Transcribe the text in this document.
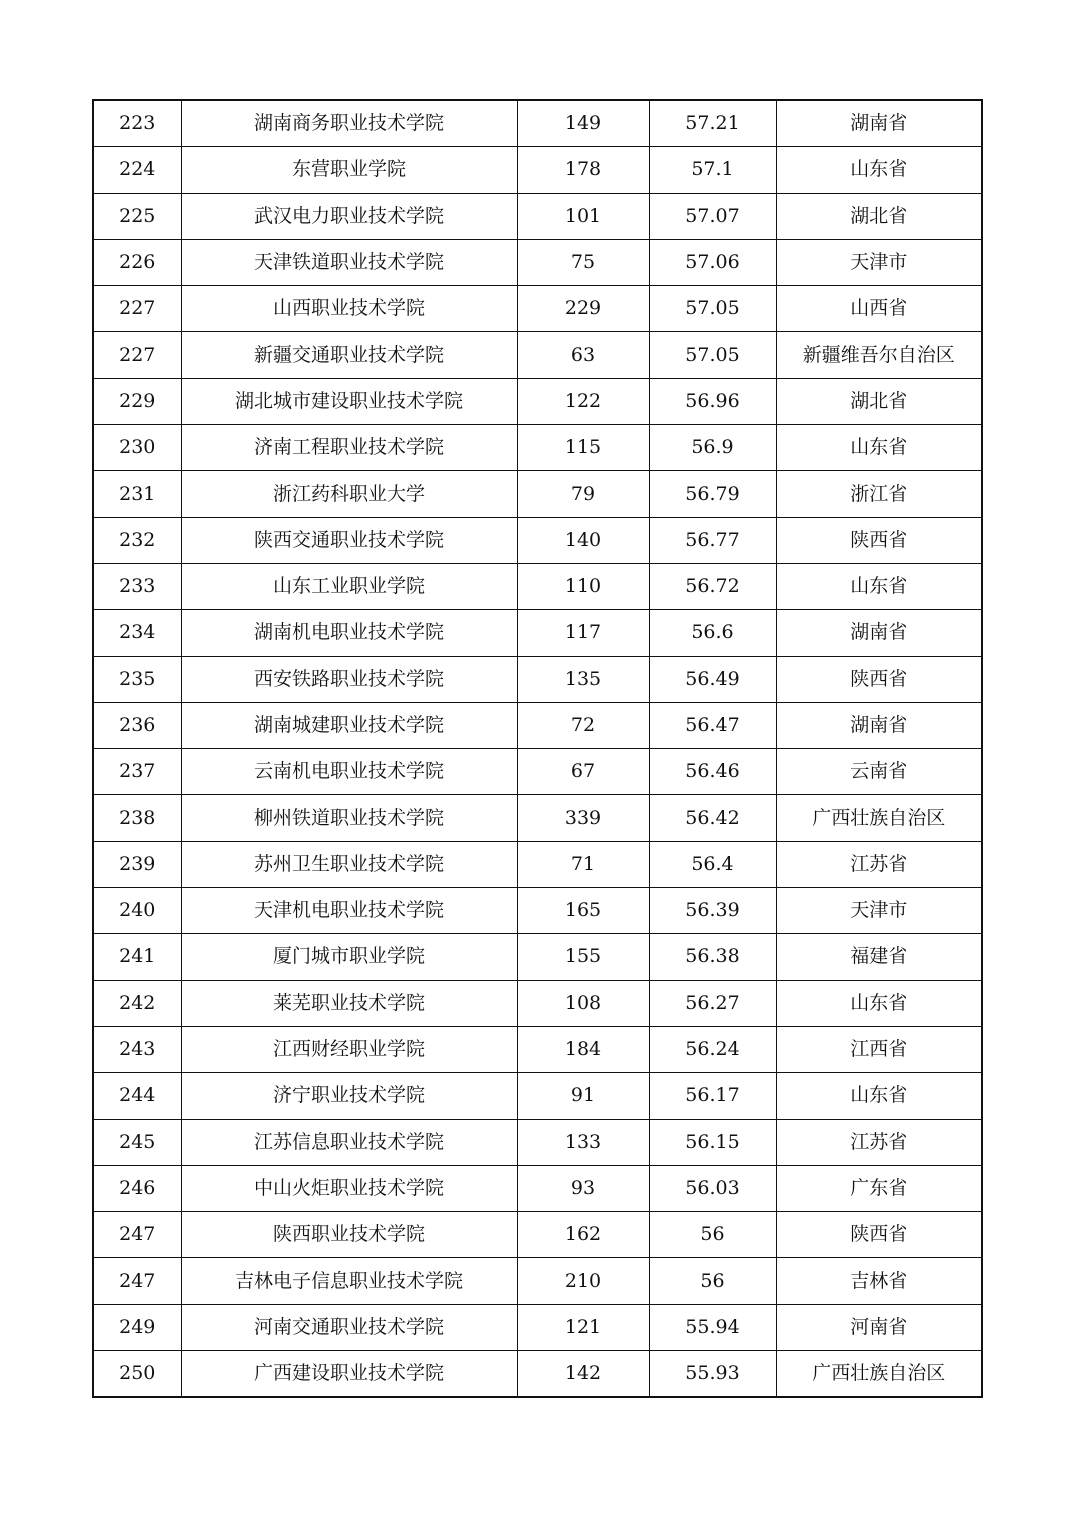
223	湖南商务职业技术学院	149	57.21	湖南省
224	东营职业学院	178	57.1	山东省
225	武汉电力职业技术学院	101	57.07	湖北省
226	天津铁道职业技术学院	75	57.06	天津市
227	山西职业技术学院	229	57.05	山西省
227	新疆交通职业技术学院	63	57.05	新疆维吾尔自治区
229	湖北城市建设职业技术学院	122	56.96	湖北省
230	济南工程职业技术学院	115	56.9	山东省
231	浙江药科职业大学	79	56.79	浙江省
232	陕西交通职业技术学院	140	56.77	陕西省
233	山东工业职业学院	110	56.72	山东省
234	湖南机电职业技术学院	117	56.6	湖南省
235	西安铁路职业技术学院	135	56.49	陕西省
236	湖南城建职业技术学院	72	56.47	湖南省
237	云南机电职业技术学院	67	56.46	云南省
238	柳州铁道职业技术学院	339	56.42	广西壮族自治区
239	苏州卫生职业技术学院	71	56.4	江苏省
240	天津机电职业技术学院	165	56.39	天津市
241	厦门城市职业学院	155	56.38	福建省
242	莱芜职业技术学院	108	56.27	山东省
243	江西财经职业学院	184	56.24	江西省
244	济宁职业技术学院	91	56.17	山东省
245	江苏信息职业技术学院	133	56.15	江苏省
246	中山火炬职业技术学院	93	56.03	广东省
247	陕西职业技术学院	162	56	陕西省
247	吉林电子信息职业技术学院	210	56	吉林省
249	河南交通职业技术学院	121	55.94	河南省
250	广西建设职业技术学院	142	55.93	广西壮族自治区
